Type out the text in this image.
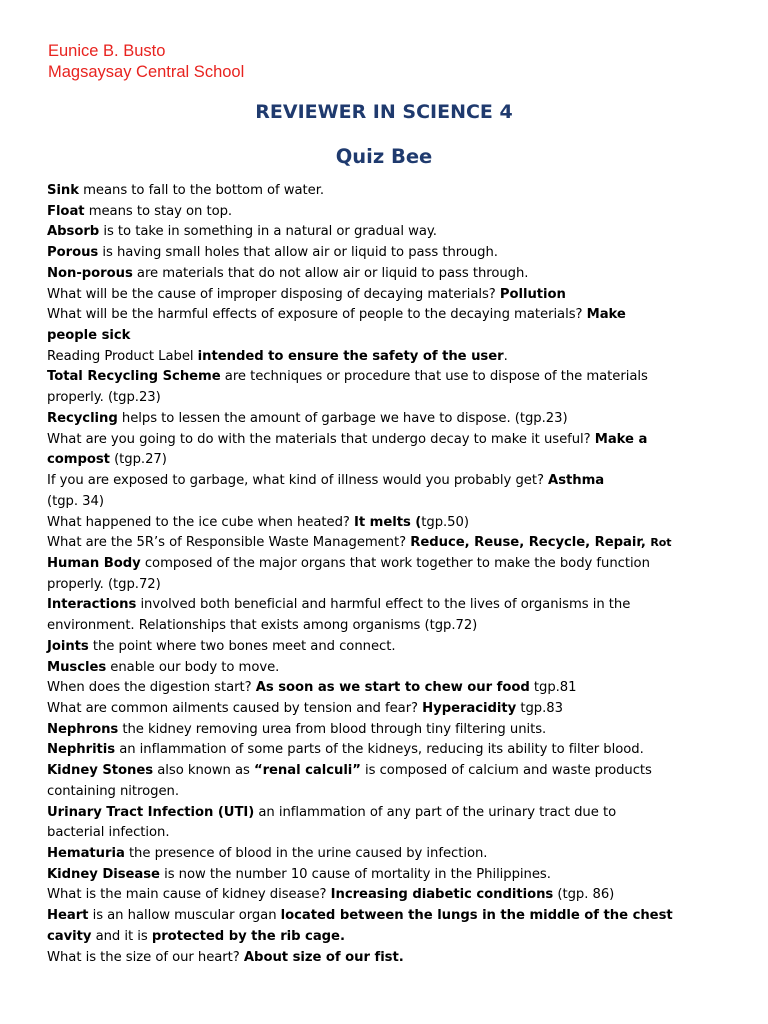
Eunice B. Busto
Magsaysay Central School
REVIEWER IN SCIENCE 4
Quiz Bee
Sink means to fall to the bottom of water.
Float means to stay on top.
Absorb is to take in something in a natural or gradual way.
Porous is having small holes that allow air or liquid to pass through.
Non-porous are materials that do not allow air or liquid to pass through.
What will be the cause of improper disposing of decaying materials? Pollution
What will be the harmful effects of exposure of people to the decaying materials? Make
people sick
Reading Product Label intended to ensure the safety of the user.
Total Recycling Scheme are techniques or procedure that use to dispose of the materials
properly. (tgp.23)
Recycling helps to lessen the amount of garbage we have to dispose. (tgp.23)
What are you going to do with the materials that undergo decay to make it useful? Make a
compost (tgp.27)
If you are exposed to garbage, what kind of illness would you probably get? Asthma
(tgp. 34)
What happened to the ice cube when heated? It melts (tgp.50)
What are the 5R’s of Responsible Waste Management? Reduce, Reuse, Recycle, Repair, Rot
Human Body composed of the major organs that work together to make the body function
properly. (tgp.72)
Interactions involved both beneficial and harmful effect to the lives of organisms in the
environment. Relationships that exists among organisms (tgp.72)
Joints the point where two bones meet and connect.
Muscles enable our body to move.
When does the digestion start? As soon as we start to chew our food tgp.81
What are common ailments caused by tension and fear? Hyperacidity tgp.83
Nephrons the kidney removing urea from blood through tiny filtering units.
Nephritis an inflammation of some parts of the kidneys, reducing its ability to filter blood.
Kidney Stones also known as “renal calculi” is composed of calcium and waste products
containing nitrogen.
Urinary Tract Infection (UTI) an inflammation of any part of the urinary tract due to
bacterial infection.
Hematuria the presence of blood in the urine caused by infection.
Kidney Disease is now the number 10 cause of mortality in the Philippines.
What is the main cause of kidney disease? Increasing diabetic conditions (tgp. 86)
Heart is an hallow muscular organ located between the lungs in the middle of the chest
cavity and it is protected by the rib cage.
What is the size of our heart? About size of our fist.
